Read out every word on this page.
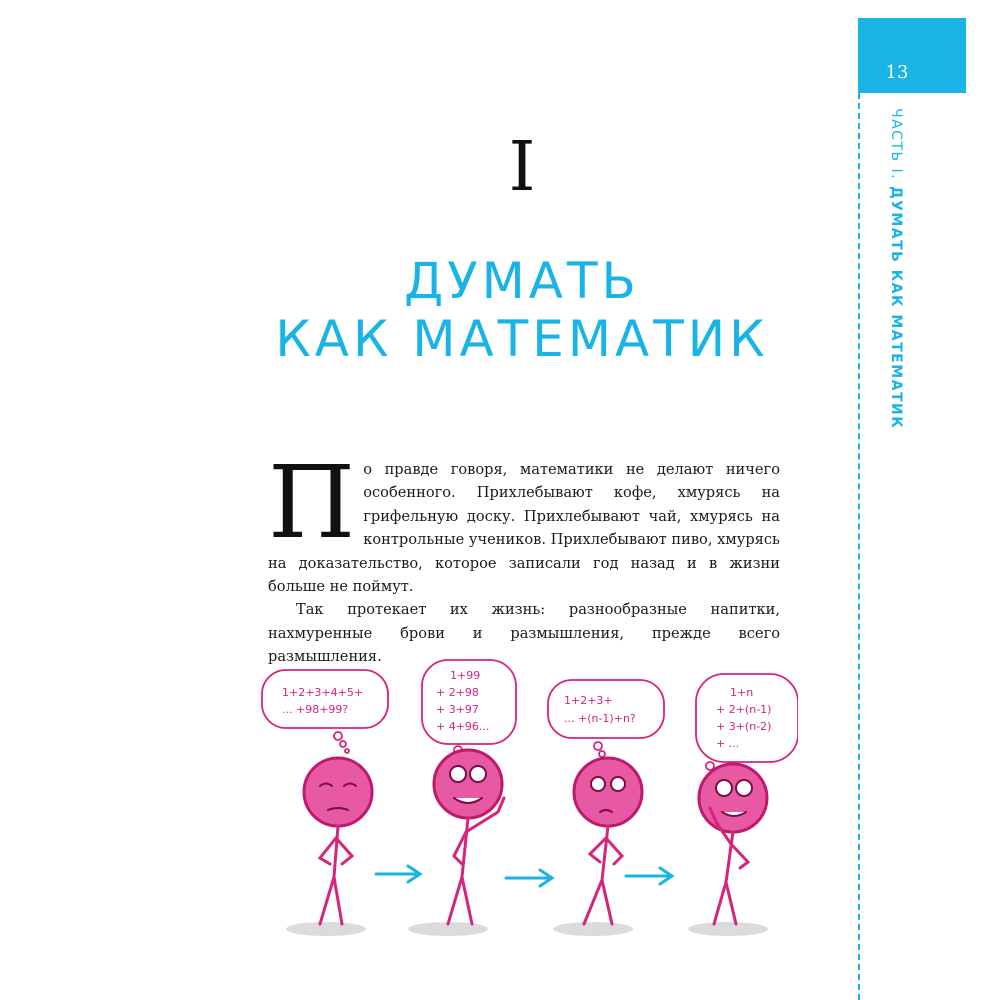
13
ЧАСТЬ I. ДУМАТЬ КАК МАТЕМАТИК
I
ДУМАТЬ
КАК МАТЕМАТИК
П о правде говоря, математики не делают ничего особенного. Прихлебывают кофе, хмурясь на грифельную доску. Прихлебывают чай, хмурясь на контрольные учеников. Прихлебывают пиво, хмурясь на доказательство, которое записали год назад и в жизни больше не поймут.

Так протекает их жизнь: разнообразные напитки, нахмуренные брови и размышления, прежде всего размышления.

1+2+3+4+5+
... +98+99?
1+99
+ 2+98
+ 3+97
+ 4+96...
1+2+3+
... +(n-1)+n?
1+n
+ 2+(n-1)
+ 3+(n-2)
+ ...
